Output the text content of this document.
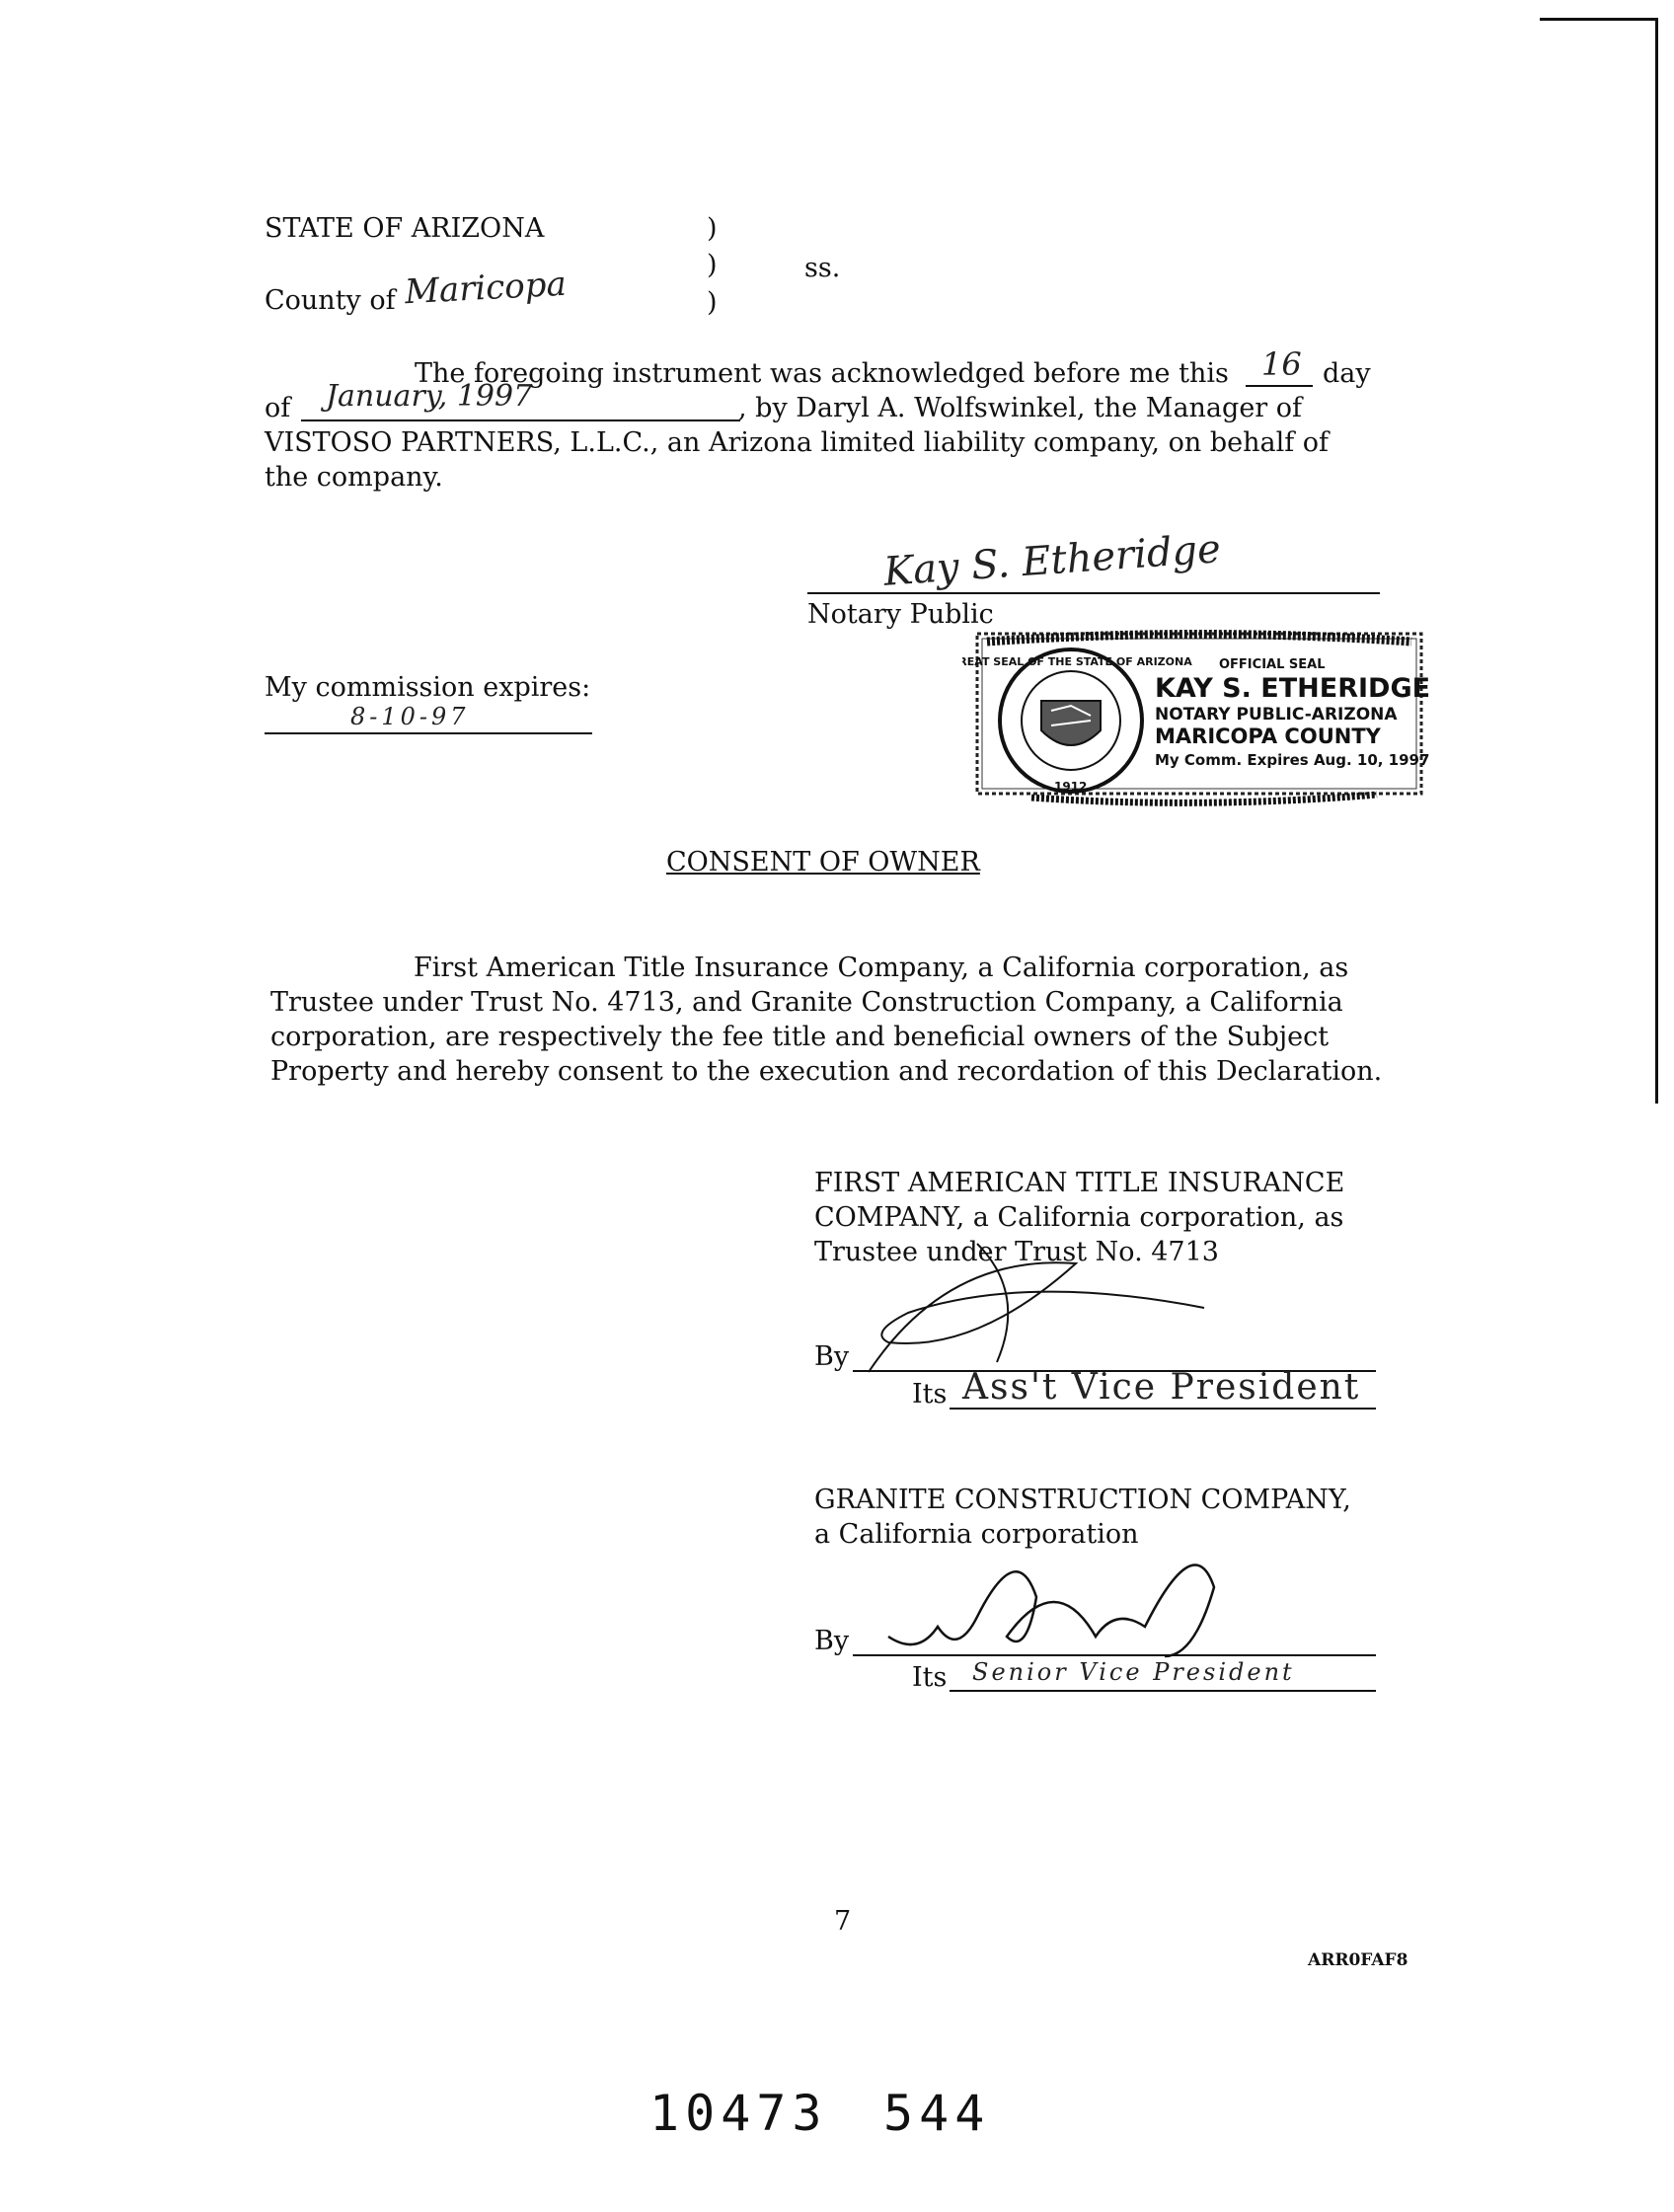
STATE OF ARIZONA
County of Maricopa
)
)
)
ss.
The foregoing instrument was acknowledged before me this 16 day
of January, 1997	, by Daryl A. Wolfswinkel, the Manager of
VISTOSO PARTNERS, L.L.C., an Arizona limited liability company, on behalf of
the company.
Kay S. Etheridge
Notary Public
My commission expires:
8-10-97
GREAT SEAL OF THE STATE OF ARIZONA OFFICIAL SEAL
KAY S. ETHERIDGE
NOTARY PUBLIC-ARIZONA
MARICOPA COUNTY
My Comm. Expires Aug. 10, 1997
1912
CONSENT OF OWNER
First American Title Insurance Company, a California corporation, as Trustee under Trust No. 4713, and Granite Construction Company, a California corporation, are respectively the fee title and beneficial owners of the Subject Property and hereby consent to the execution and recordation of this Declaration.
FIRST AMERICAN TITLE INSURANCE
COMPANY, a California corporation, as
Trustee under Trust No. 4713
By
Its Ass't Vice President
GRANITE CONSTRUCTION COMPANY,
a California corporation
By
Its Senior Vice President
7
ARR0FAF8
10473 544
